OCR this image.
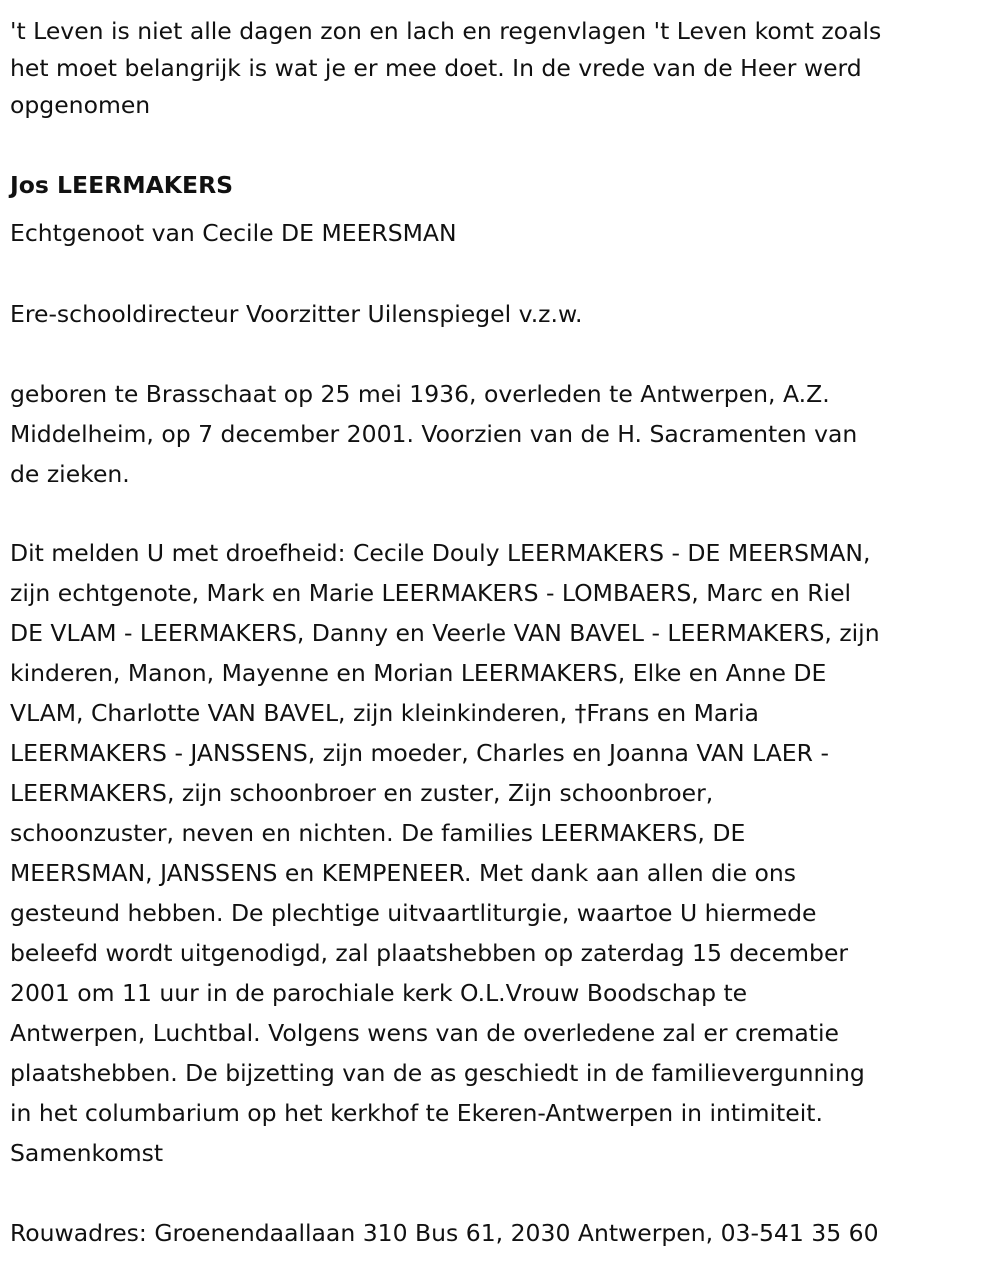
't Leven is niet alle dagen zon en lach en regenvlagen 't Leven komt zoals
het moet belangrijk is wat je er mee doet. In de vrede van de Heer werd
opgenomen
Jos LEERMAKERS
Echtgenoot van Cecile DE MEERSMAN
Ere-schooldirecteur Voorzitter Uilenspiegel v.z.w.
geboren te Brasschaat op 25 mei 1936, overleden te Antwerpen, A.Z.
Middelheim, op 7 december 2001. Voorzien van de H. Sacramenten van
de zieken.
Dit melden U met droefheid: Cecile Douly LEERMAKERS - DE MEERSMAN,
zijn echtgenote, Mark en Marie LEERMAKERS - LOMBAERS, Marc en Riel
DE VLAM - LEERMAKERS, Danny en Veerle VAN BAVEL - LEERMAKERS, zijn
kinderen, Manon, Mayenne en Morian LEERMAKERS, Elke en Anne DE
VLAM, Charlotte VAN BAVEL, zijn kleinkinderen, †Frans en Maria
LEERMAKERS - JANSSENS, zijn moeder, Charles en Joanna VAN LAER -
LEERMAKERS, zijn schoonbroer en zuster, Zijn schoonbroer,
schoonzuster, neven en nichten. De families LEERMAKERS, DE
MEERSMAN, JANSSENS en KEMPENEER. Met dank aan allen die ons
gesteund hebben. De plechtige uitvaartliturgie, waartoe U hiermede
beleefd wordt uitgenodigd, zal plaatshebben op zaterdag 15 december
2001 om 11 uur in de parochiale kerk O.L.Vrouw Boodschap te
Antwerpen, Luchtbal. Volgens wens van de overledene zal er crematie
plaatshebben. De bijzetting van de as geschiedt in de familievergunning
in het columbarium op het kerkhof te Ekeren-Antwerpen in intimiteit.
Samenkomst
Rouwadres: Groenendaallaan 310 Bus 61, 2030 Antwerpen, 03-541 35 60
